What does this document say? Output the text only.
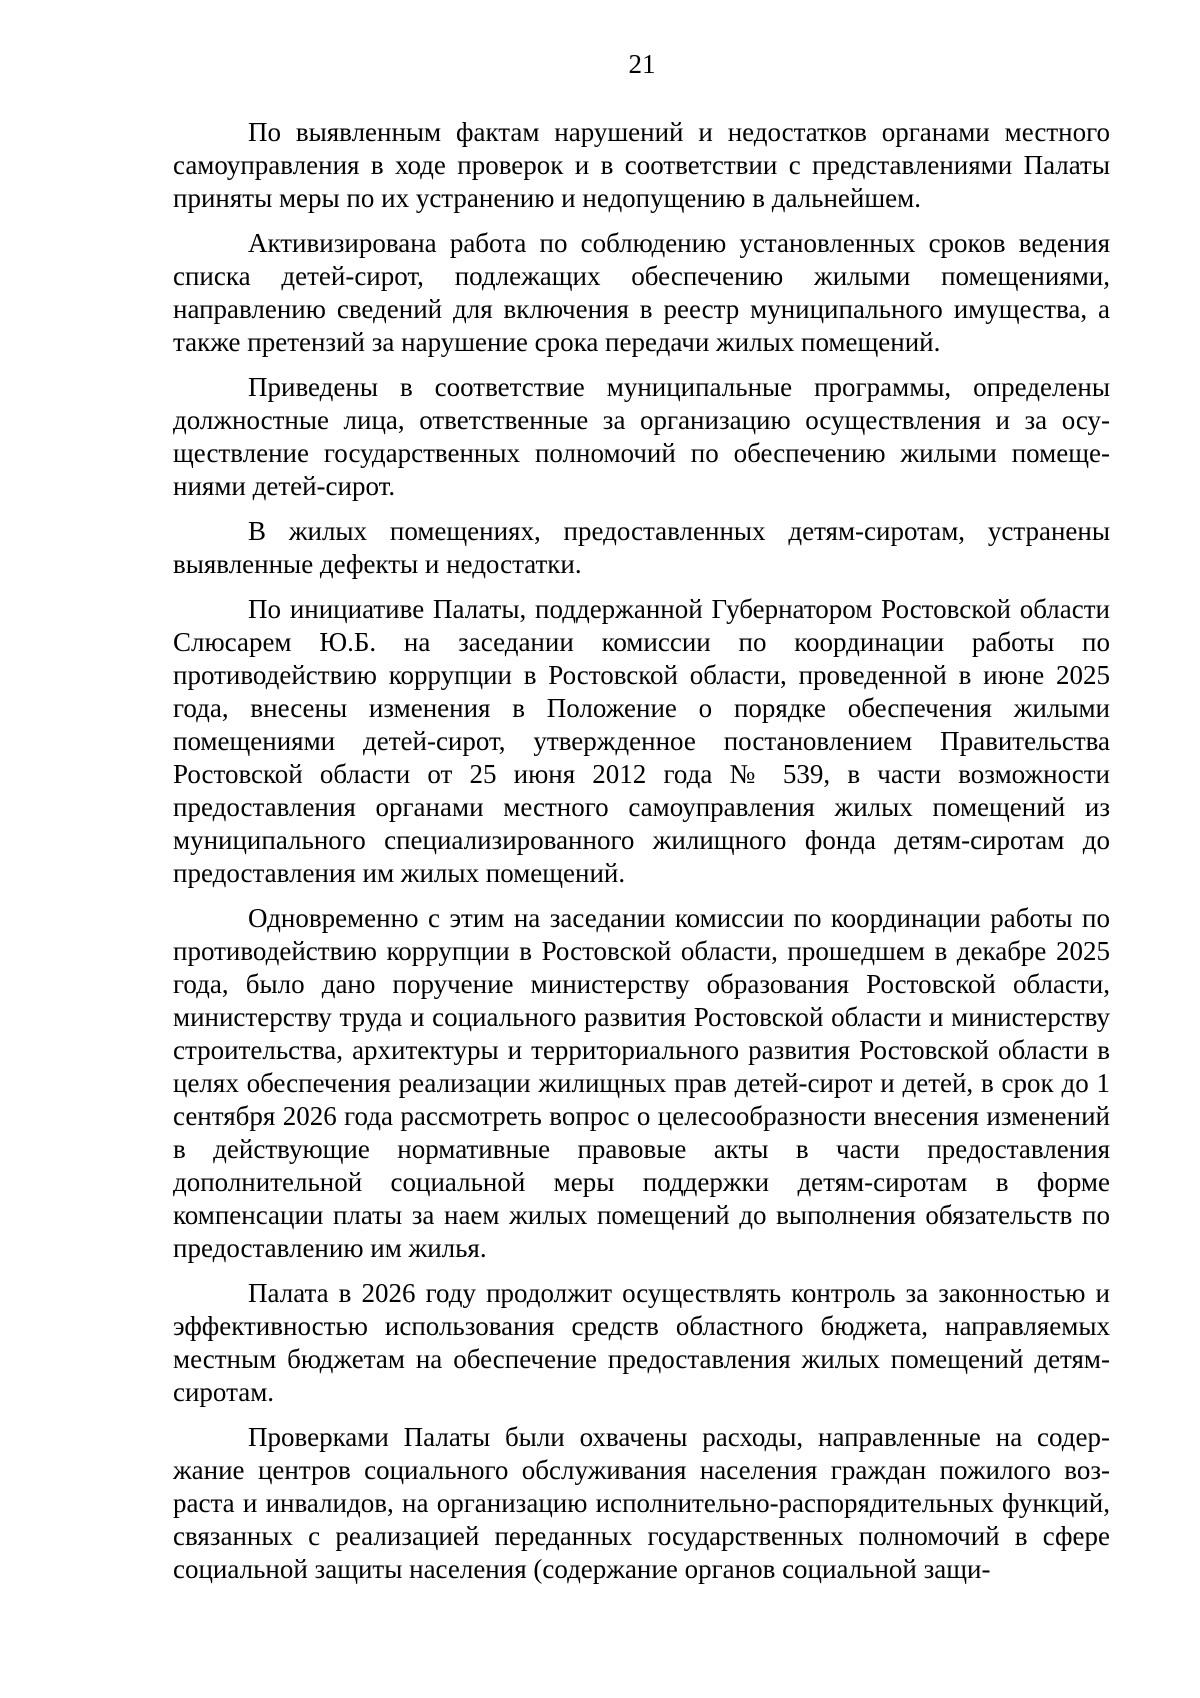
21

По выявленным фактам нарушений и недостатков органами местного самоуправления в ходе проверок и в соответствии с представлениями Палаты приняты меры по их устранению и недопущению в дальнейшем.

Активизирована работа по соблюдению установленных сроков ведения списка детей-сирот, подлежащих обеспечению жилыми помещениями, направлению сведений для включения в реестр муниципального имущества, а также претензий за нарушение срока передачи жилых помещений.

Приведены в соответствие муниципальные программы, определены должностные лица, ответственные за организацию осуществления и за осуществление государственных полномочий по обеспечению жилыми помещениями детей-сирот.

В жилых помещениях, предоставленных детям-сиротам, устранены выявленные дефекты и недостатки.

По инициативе Палаты, поддержанной Губернатором Ростовской области Слюсарем Ю.Б. на заседании комиссии по координации работы по противодействию коррупции в Ростовской области, проведенной в июне 2025 года, внесены изменения в Положение о порядке обеспечения жилыми помещениями детей-сирот, утвержденное постановлением Правительства Ростовской области от 25 июня 2012 года № 539, в части возможности предоставления органами местного самоуправления жилых помещений из муниципального специализированного жилищного фонда детям-сиротам до предоставления им жилых помещений.

Одновременно с этим на заседании комиссии по координации работы по противодействию коррупции в Ростовской области, прошедшем в декабре 2025 года, было дано поручение министерству образования Ростовской области, министерству труда и социального развития Ростовской области и министерству строительства, архитектуры и территориального развития Ростовской области в целях обеспечения реализации жилищных прав детей-сирот и детей, в срок до 1 сентября 2026 года рассмотреть вопрос о целесообразности внесения изменений в действующие нормативные правовые акты в части предоставления дополнительной социальной меры поддержки детям-сиротам в форме компенсации платы за наем жилых помещений до выполнения обязательств по предоставлению им жилья.

Палата в 2026 году продолжит осуществлять контроль за законностью и эффективностью использования средств областного бюджета, направляемых местным бюджетам на обеспечение предоставления жилых помещений детям-сиротам.

Проверками Палаты были охвачены расходы, направленные на содержание центров социального обслуживания населения граждан пожилого возраста и инвалидов, на организацию исполнительно-распорядительных функций, связанных с реализацией переданных государственных полномочий в сфере социальной защиты населения (содержание органов социальной защи-
